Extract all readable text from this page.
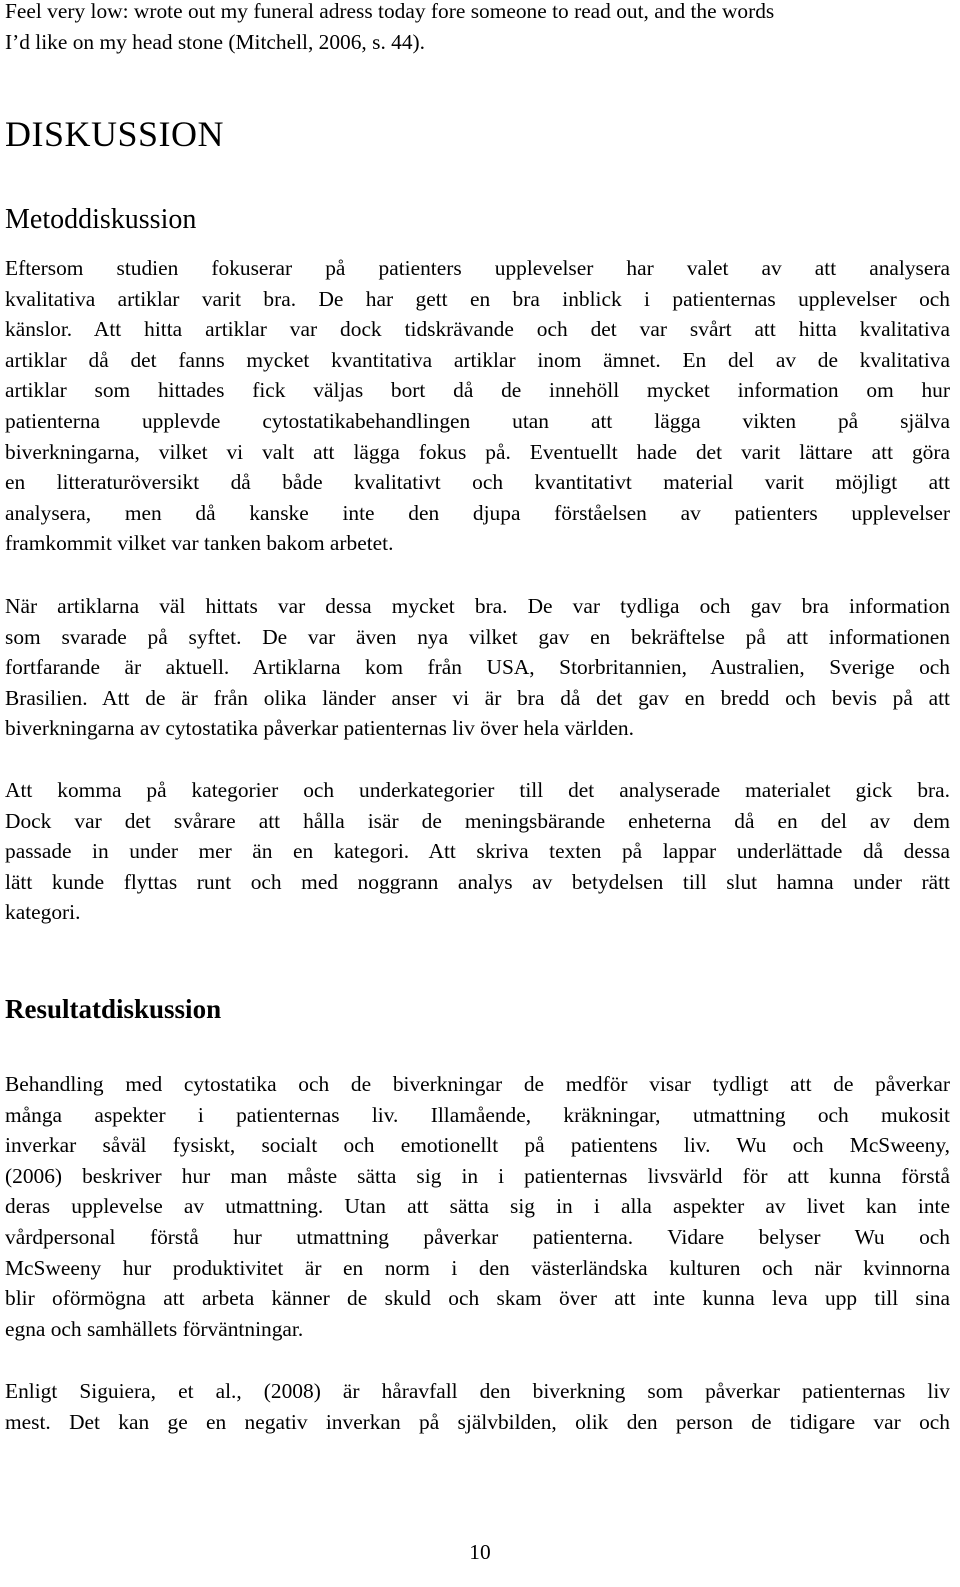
Feel very low: wrote out my funeral adress today fore someone to read out, and the words
I’d like on my head stone (Mitchell, 2006, s. 44).
DISKUSSION
Metoddiskussion
Eftersom studien fokuserar på patienters upplevelser har valet av att analysera
kvalitativa artiklar varit bra. De har gett en bra inblick i patienternas upplevelser och
känslor. Att hitta artiklar var dock tidskrävande och det var svårt att hitta kvalitativa
artiklar då det fanns mycket kvantitativa artiklar inom ämnet. En del av de kvalitativa
artiklar som hittades fick väljas bort då de innehöll mycket information om hur
patienterna upplevde cytostatikabehandlingen utan att lägga vikten på själva
biverkningarna, vilket vi valt att lägga fokus på. Eventuellt hade det varit lättare att göra
en litteraturöversikt då både kvalitativt och kvantitativt material varit möjligt att
analysera, men då kanske inte den djupa förståelsen av patienters upplevelser
framkommit vilket var tanken bakom arbetet.
När artiklarna väl hittats var dessa mycket bra. De var tydliga och gav bra information
som svarade på syftet. De var även nya vilket gav en bekräftelse på att informationen
fortfarande är aktuell. Artiklarna kom från USA, Storbritannien, Australien, Sverige och
Brasilien. Att de är från olika länder anser vi är bra då det gav en bredd och bevis på att
biverkningarna av cytostatika påverkar patienternas liv över hela världen.
Att komma på kategorier och underkategorier till det analyserade materialet gick bra.
Dock var det svårare att hålla isär de meningsbärande enheterna då en del av dem
passade in under mer än en kategori. Att skriva texten på lappar underlättade då dessa
lätt kunde flyttas runt och med noggrann analys av betydelsen till slut hamna under rätt
kategori.
Resultatdiskussion
Behandling med cytostatika och de biverkningar de medför visar tydligt att de påverkar
många aspekter i patienternas liv. Illamående, kräkningar, utmattning och mukosit
inverkar såväl fysiskt, socialt och emotionellt på patientens liv. Wu och McSweeny,
(2006) beskriver hur man måste sätta sig in i patienternas livsvärld för att kunna förstå
deras upplevelse av utmattning. Utan att sätta sig in i alla aspekter av livet kan inte
vårdpersonal förstå hur utmattning påverkar patienterna. Vidare belyser Wu och
McSweeny hur produktivitet är en norm i den västerländska kulturen och när kvinnorna
blir oförmögna att arbeta känner de skuld och skam över att inte kunna leva upp till sina
egna och samhällets förväntningar.
Enligt Siguiera, et al., (2008) är håravfall den biverkning som påverkar patienternas liv
mest. Det kan ge en negativ inverkan på självbilden, olik den person de tidigare var och
10
